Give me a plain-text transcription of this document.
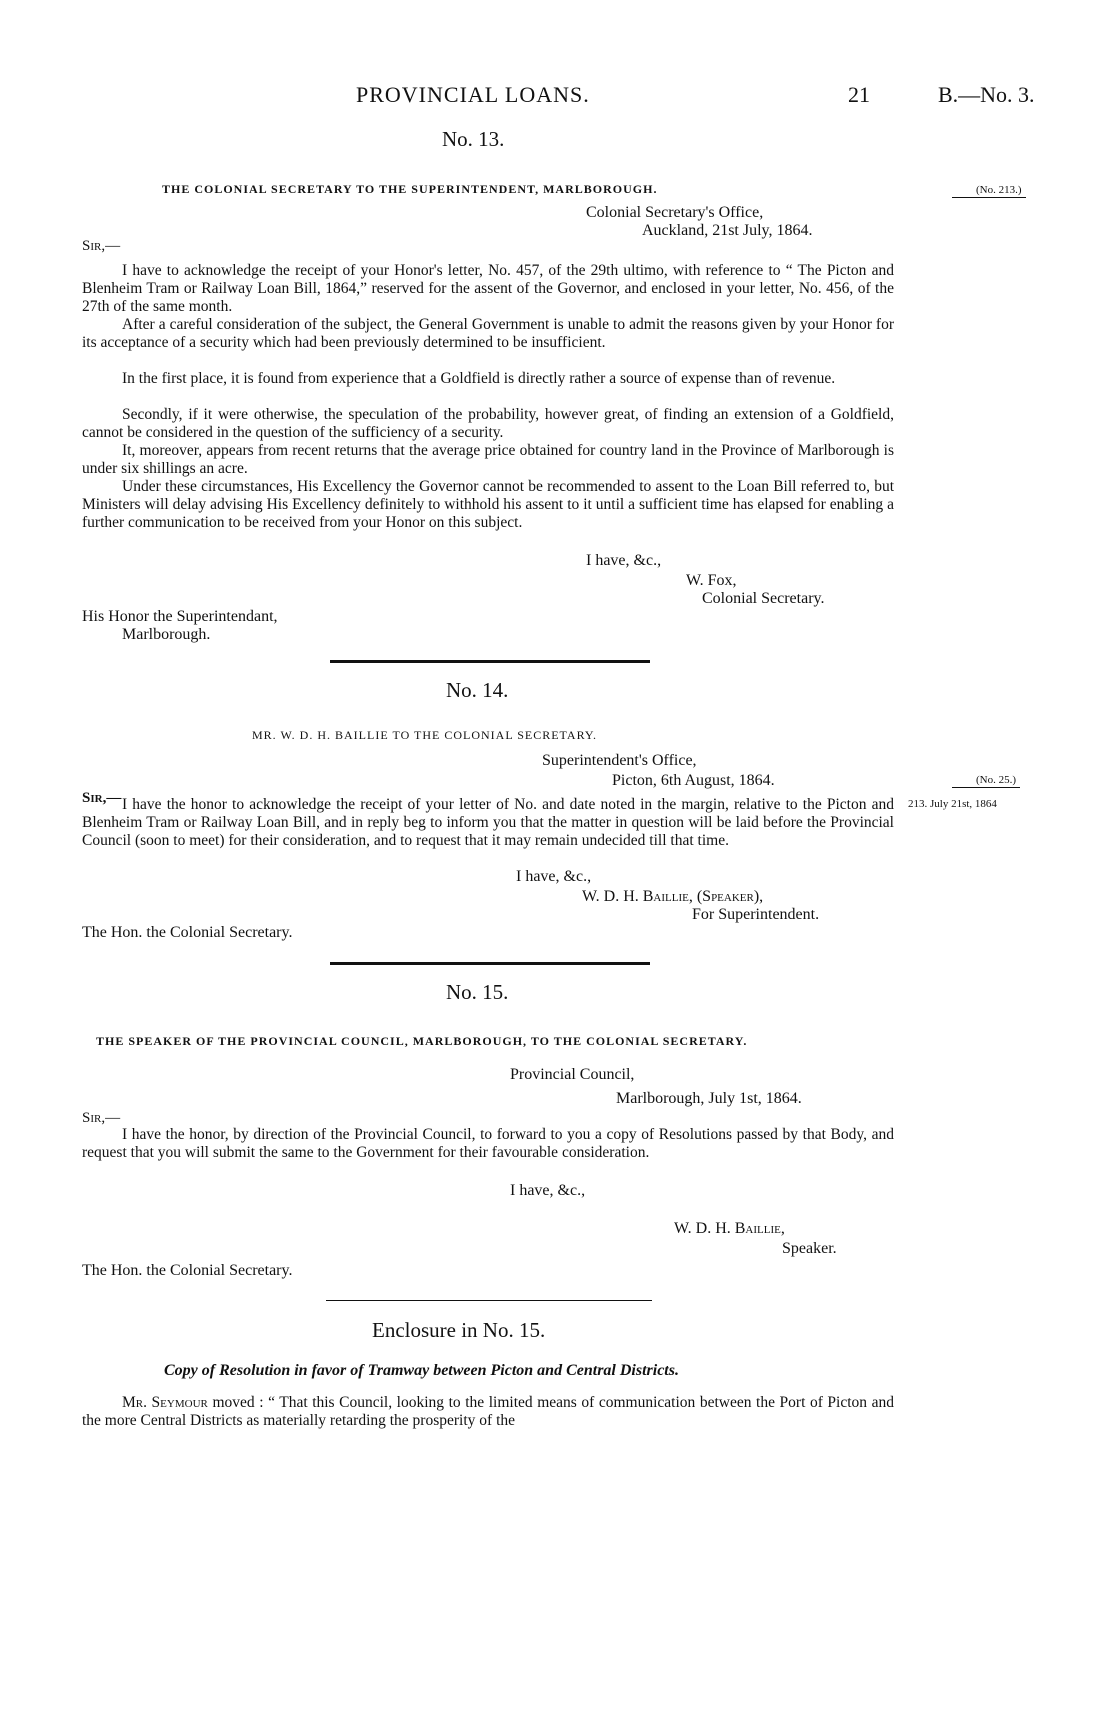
PROVINCIAL LOANS.	21	B.—No. 3.
No. 13.
THE COLONIAL SECRETARY TO THE SUPERINTENDENT, MARLBOROUGH.	(No. 213.)
Colonial Secretary's Office,
Auckland, 21st July, 1864.
Sir,—

I have to acknowledge the receipt of your Honor's letter, No. 457, of the 29th ultimo, with reference to “ The Picton and Blenheim Tram or Railway Loan Bill, 1864,” reserved for the assent of the Governor, and enclosed in your letter, No. 456, of the 27th of the same month.

After a careful consideration of the subject, the General Government is unable to admit the reasons given by your Honor for its acceptance of a security which had been previously determined to be insufficient.

In the first place, it is found from experience that a Goldfield is directly rather a source of expense than of revenue.

Secondly, if it were otherwise, the speculation of the probability, however great, of finding an extension of a Goldfield, cannot be considered in the question of the sufficiency of a security.

It, moreover, appears from recent returns that the average price obtained for country land in the Province of Marlborough is under six shillings an acre.

Under these circumstances, His Excellency the Governor cannot be recommended to assent to the Loan Bill referred to, but Ministers will delay advising His Excellency definitely to withhold his assent to it until a sufficient time has elapsed for enabling a further communication to be received from your Honor on this subject.

I have, &c.,
W. Fox,
Colonial Secretary.
His Honor the Superintendant,
Marlborough.
No. 14.
MR. W. D. H. BAILLIE TO THE COLONIAL SECRETARY.
Superintendent's Office,
Picton, 6th August, 1864.	(No. 25.)
Sir,—	213. July 21st, 1864

I have the honor to acknowledge the receipt of your letter of No. and date noted in the margin, relative to the Picton and Blenheim Tram or Railway Loan Bill, and in reply beg to inform you that the matter in question will be laid before the Provincial Council (soon to meet) for their consideration, and to request that it may remain undecided till that time.

I have, &c.,
W. D. H. Baillie, (Speaker),
For Superintendent.
The Hon. the Colonial Secretary.
No. 15.
THE SPEAKER OF THE PROVINCIAL COUNCIL, MARLBOROUGH, TO THE COLONIAL SECRETARY.
Provincial Council,
Marlborough, July 1st, 1864.
Sir,—

I have the honor, by direction of the Provincial Council, to forward to you a copy of Resolutions passed by that Body, and request that you will submit the same to the Government for their favourable consideration.

I have, &c.,
W. D. H. Baillie,
Speaker.
The Hon. the Colonial Secretary.
Enclosure in No. 15.
Copy of Resolution in favor of Tramway between Picton and Central Districts.

Mr. Seymour moved : “ That this Council, looking to the limited means of communication between the Port of Picton and the more Central Districts as materially retarding the prosperity of the
